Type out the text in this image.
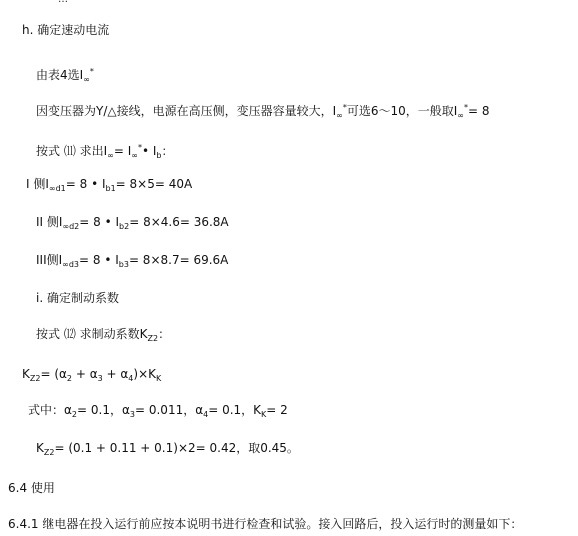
h. 确定速动电流
由表4选$I_\infty^*$
因变压器为Y/△接线，电源在高压侧，变压器容量较大，$I_\infty^*$可选6～10，一般取$I_\infty^*= 8$
按式 ⑾ 求出$I_\infty=$ $I_\infty^*•$ $I_b$：
I 侧$I_{\infty d1}= 8$ • $I_{b1}= 8\times 5= 40A$
II 侧$I_{\infty d2}= 8$ • $I_{b2}= 8\times 4.6= 36.8A$
III侧$I_{\infty d3}= 8$ • $I_{b3}= 8\times 8.7= 69.6A$
i. 确定制动系数
按式 ⑿ 求制动系数$K_{Z2}$：
$K_{Z2}= (\alpha_2 + \alpha_3 + \alpha_4)\times K_K$
式中：$\alpha_2= 0.1$，$\alpha_3= 0.011$，$\alpha_4= 0.1$，$K_K= 2$
$K_{Z2}= (0.1 + 0.11 + 0.1)\times 2= 0.42$，取0.45。
6.4 使用
6.4.1 继电器在投入运行前应按本说明书进行检查和试验。接入回路后，投入运行时的测量如下：
